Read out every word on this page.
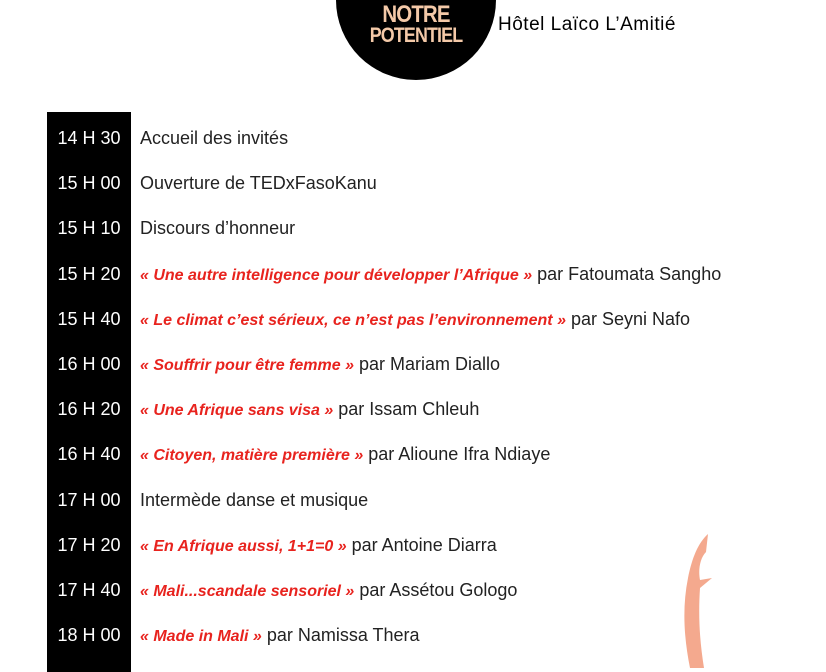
NOTRE
POTENTIEL	Hôtel Laïco L’Amitié
14 H 30	Accueil des invités
15 H 00	Ouverture de TEDxFasoKanu
15 H 10	Discours d’honneur
15 H 20	« Une autre intelligence pour développer l’Afrique » par Fatoumata Sangho
15 H 40	« Le climat c’est sérieux, ce n’est pas l’environnement » par Seyni Nafo
16 H 00	« Souffrir pour être femme » par Mariam Diallo
16 H 20	« Une Afrique sans visa » par Issam Chleuh
16 H 40	« Citoyen, matière première » par Alioune Ifra Ndiaye
17 H 00	Intermède danse et musique
17 H 20	« En Afrique aussi, 1+1=0 » par Antoine Diarra
17 H 40	« Mali...scandale sensoriel » par Assétou Gologo
18 H 00	« Made in Mali » par Namissa Thera
